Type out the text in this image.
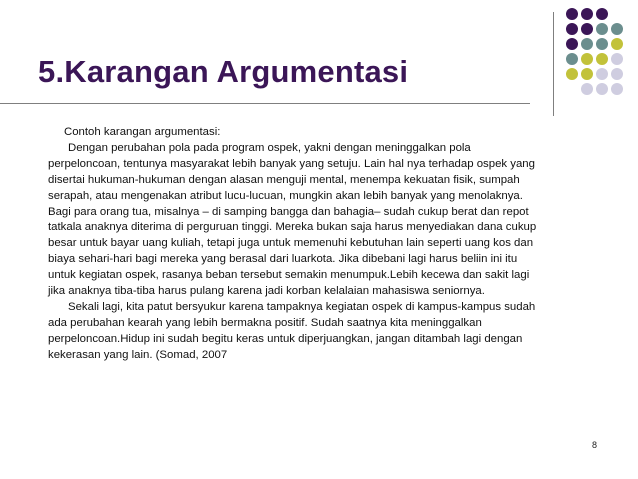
5.Karangan Argumentasi
Contoh karangan argumentasi:
Dengan perubahan pola pada program ospek, yakni dengan meninggalkan pola
perpeloncoan, tentunya masyarakat lebih banyak yang setuju. Lain hal nya terhadap ospek yang
disertai hukuman-hukuman dengan alasan menguji mental, menempa kekuatan fisik, sumpah
serapah, atau mengenakan atribut lucu-lucuan, mungkin akan lebih banyak yang menolaknya.
Bagi para orang tua, misalnya – di samping bangga dan bahagia– sudah cukup berat dan repot
tatkala anaknya diterima di perguruan tinggi. Mereka bukan saja harus menyediakan dana cukup
besar untuk bayar uang kuliah, tetapi juga untuk memenuhi kebutuhan lain seperti uang kos dan
biaya sehari-hari bagi mereka yang berasal dari luarkota. Jika dibebani lagi harus beliin ini itu
untuk kegiatan ospek, rasanya beban tersebut semakin menumpuk.Lebih kecewa dan sakit lagi
jika anaknya tiba-tiba harus pulang karena jadi korban kelalaian mahasiswa seniornya.
Sekali lagi, kita patut bersyukur karena tampaknya kegiatan ospek di kampus-kampus sudah
ada perubahan kearah yang lebih bermakna positif. Sudah saatnya kita meninggalkan
perpeloncoan.Hidup ini sudah begitu keras untuk diperjuangkan, jangan ditambah lagi dengan
kekerasan yang lain. (Somad, 2007
8
